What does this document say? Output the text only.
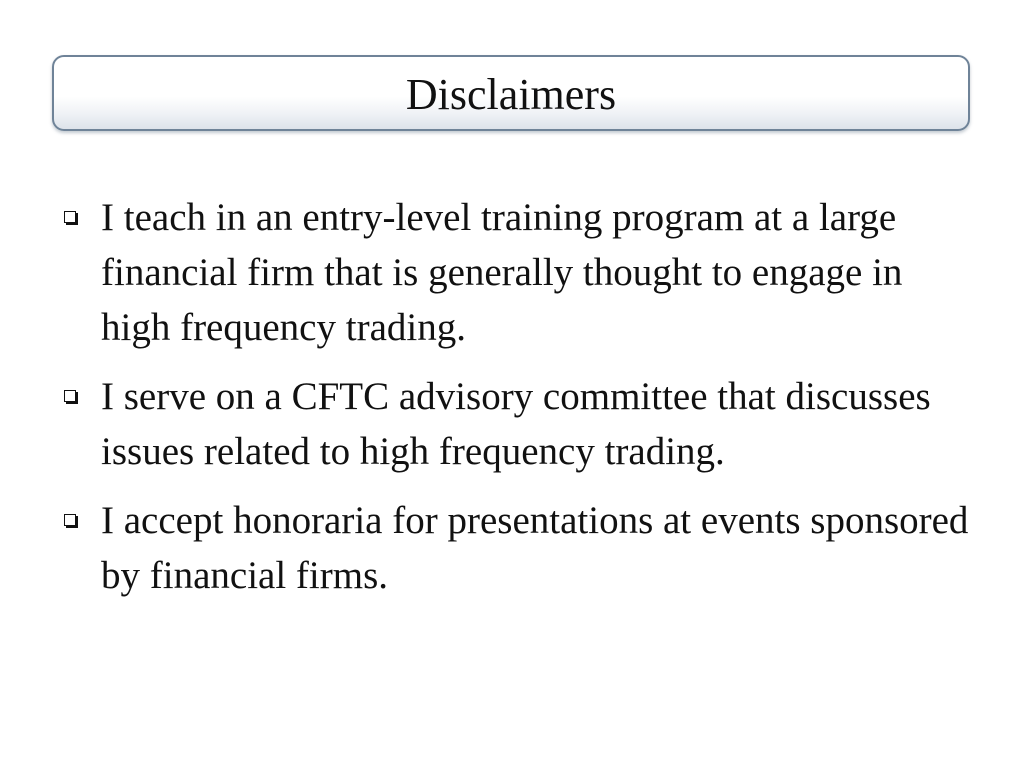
Disclaimers
I teach in an entry-level training program at a large financial firm that is generally thought to engage in high frequency trading.
I serve on a CFTC advisory committee that discusses issues related to high frequency trading.
I accept honoraria for presentations at events sponsored by financial firms.
